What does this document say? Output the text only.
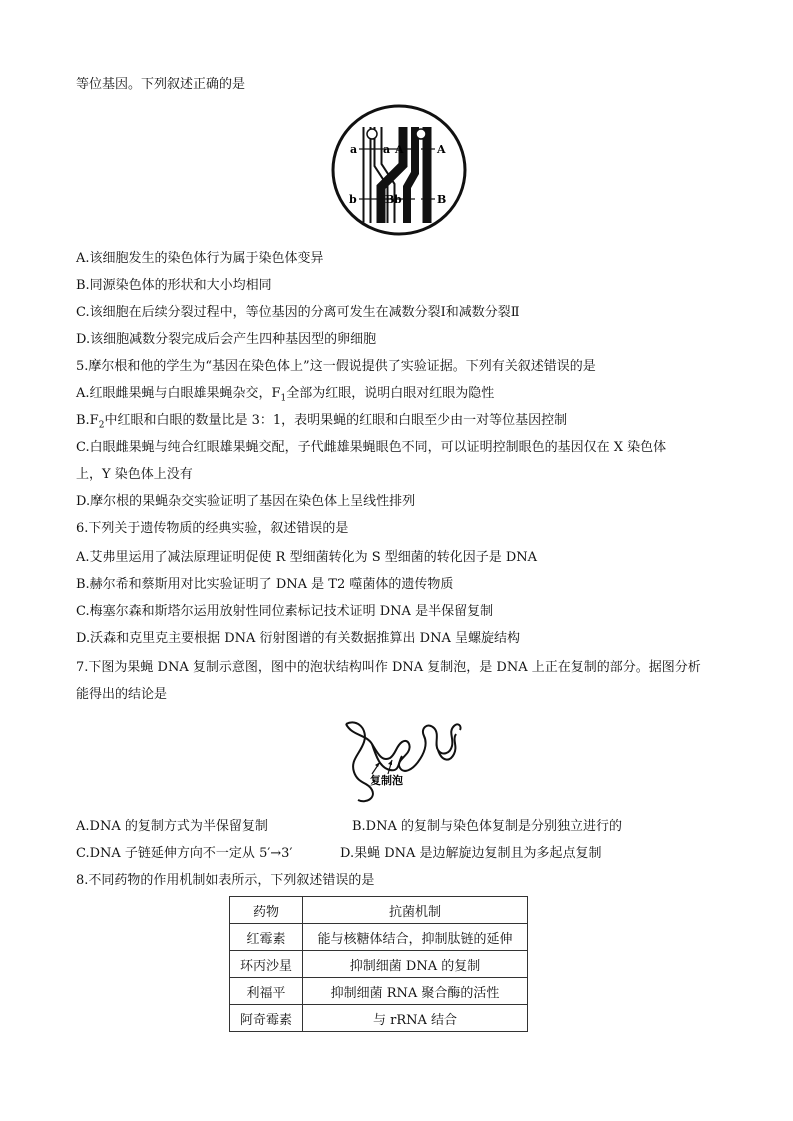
等位基因。下列叙述正确的是
a a A	A
b	B b	B
A.该细胞发生的染色体行为属于染色体变异
B.同源染色体的形状和大小均相同
C.该细胞在后续分裂过程中，等位基因的分离可发生在减数分裂Ⅰ和减数分裂Ⅱ
D.该细胞减数分裂完成后会产生四种基因型的卵细胞
5.摩尔根和他的学生为“基因在染色体上”这一假说提供了实验证据。下列有关叙述错误的是
A.红眼雌果蝇与白眼雄果蝇杂交，$F_1$全部为红眼，说明白眼对红眼为隐性
$B.F_2$中红眼和白眼的数量比是 3：1，表明果蝇的红眼和白眼至少由一对等位基因控制
C.白眼雌果蝇与纯合红眼雄果蝇交配，子代雌雄果蝇眼色不同，可以证明控制眼色的基因仅在 X 染色体
上，Y 染色体上没有
D.摩尔根的果蝇杂交实验证明了基因在染色体上呈线性排列
6.下列关于遗传物质的经典实验，叙述错误的是
A.艾弗里运用了减法原理证明促使 R 型细菌转化为 S 型细菌的转化因子是 DNA
B.赫尔希和蔡斯用对比实验证明了 DNA 是 T2 噬菌体的遗传物质
C.梅塞尔森和斯塔尔运用放射性同位素标记技术证明 DNA 是半保留复制
D.沃森和克里克主要根据 DNA 衍射图谱的有关数据推算出 DNA 呈螺旋结构
7.下图为果蝇 DNA 复制示意图，图中的泡状结构叫作 DNA 复制泡，是 DNA 上正在复制的部分。据图分析
能得出的结论是
复制泡
A.DNA 的复制方式为半保留复制	B.DNA 的复制与染色体复制是分别独立进行的
C.DNA 子链延伸方向不一定从 5′→3′	D.果蝇 DNA 是边解旋边复制且为多起点复制
8.不同药物的作用机制如表所示，下列叙述错误的是
药物	抗菌机制
红霉素	能与核糖体结合，抑制肽链的延伸
环丙沙星	抑制细菌 DNA 的复制
利福平	抑制细菌 RNA 聚合酶的活性
阿奇霉素	与 rRNA 结合
